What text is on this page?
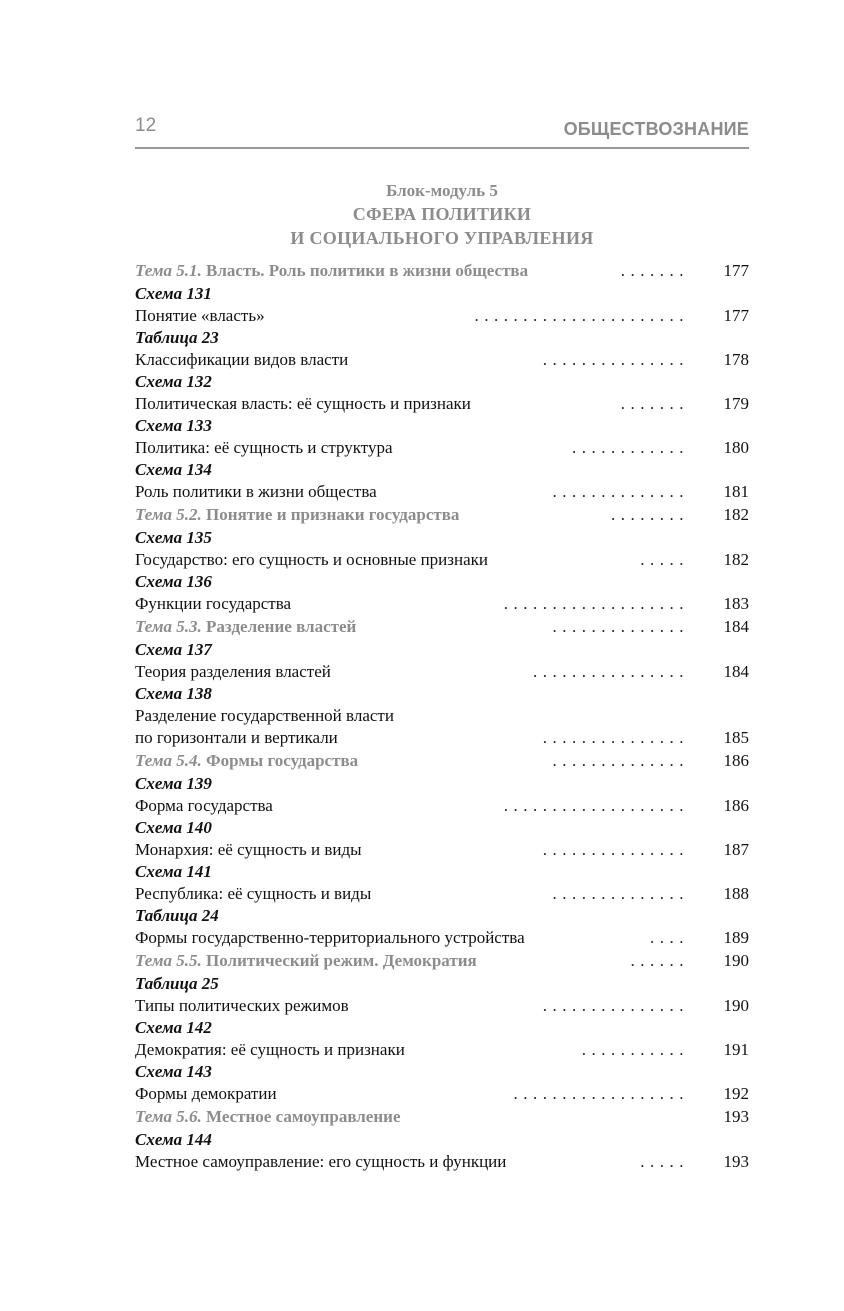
12	ОБЩЕСТВОЗНАНИЕ
Блок-модуль 5
СФЕРА ПОЛИТИКИ
И СОЦИАЛЬНОГО УПРАВЛЕНИЯ
Тема 5.1. Власть. Роль политики в жизни общества	....... 177
Схема 131
Понятие «власть»	...................... 177
Таблица 23
Классификации видов власти	............... 178
Схема 132
Политическая власть: её сущность и признаки	....... 179
Схема 133
Политика: её сущность и структура	............ 180
Схема 134
Роль политики в жизни общества	.............. 181
Тема 5.2. Понятие и признаки государства	........ 182
Схема 135
Государство: его сущность и основные признаки	..... 182
Схема 136
Функции государства	................... 183
Тема 5.3. Разделение властей	.............. 184
Схема 137
Теория разделения властей	................ 184
Схема 138
Разделение государственной власти
по горизонтали и вертикали	............... 185
Тема 5.4. Формы государства	.............. 186
Схема 139
Форма государства	................... 186
Схема 140
Монархия: её сущность и виды	............... 187
Схема 141
Республика: её сущность и виды	.............. 188
Таблица 24
Формы государственно-территориального устройства	.... 189
Тема 5.5. Политический режим. Демократия	...... 190
Таблица 25
Типы политических режимов	............... 190
Схема 142
Демократия: её сущность и признаки	........... 191
Схема 143
Формы демократии	.................. 192
Тема 5.6. Местное самоуправление	193
Схема 144
Местное самоуправление: его сущность и функции	..... 193
